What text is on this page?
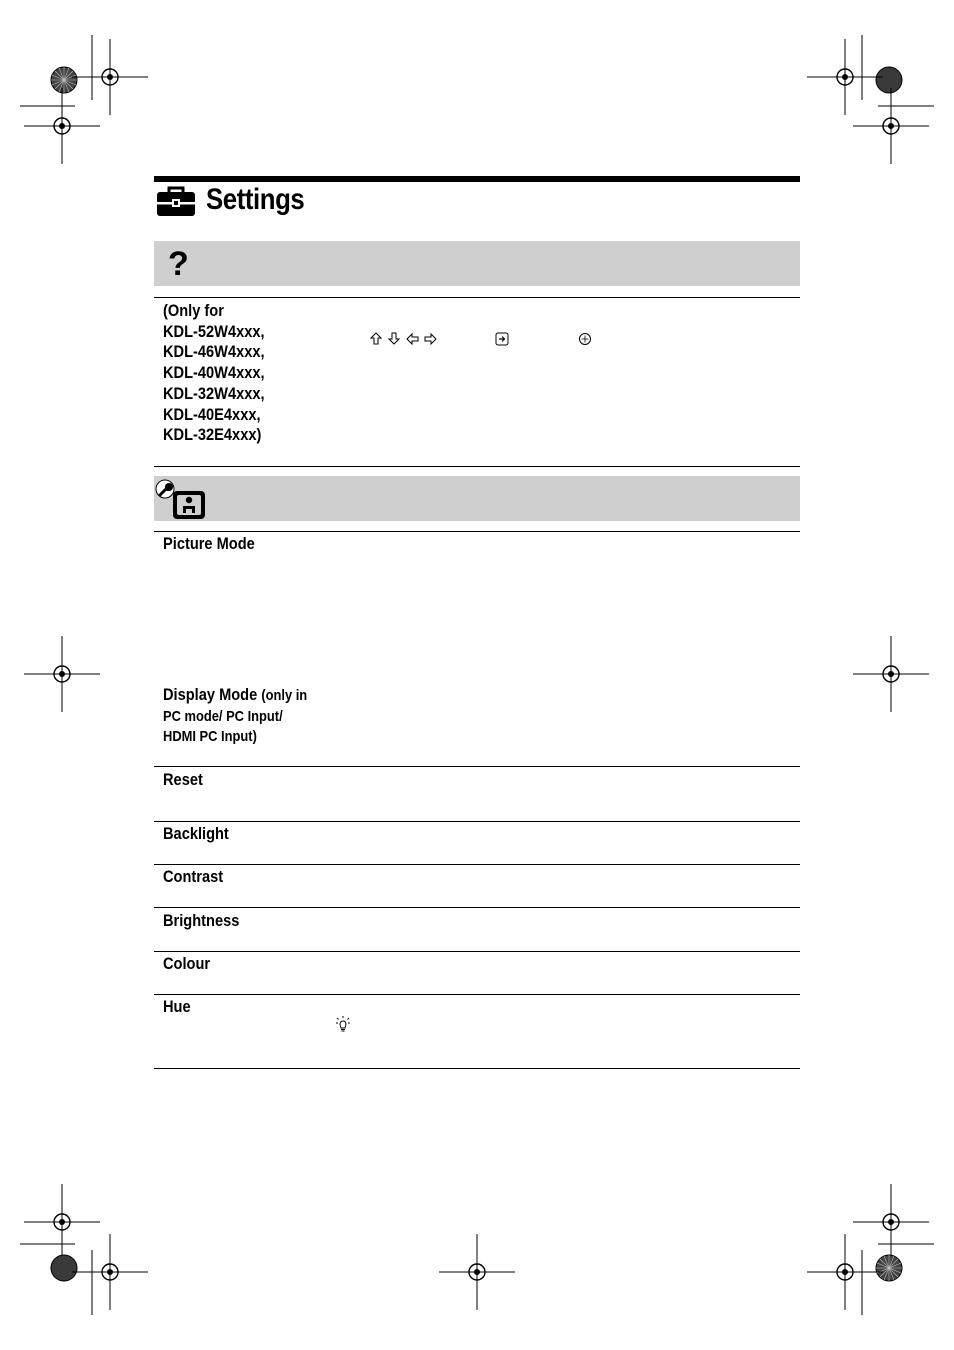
Settings
?
(Only for
KDL-52W4xxx,
KDL-46W4xxx,
KDL-40W4xxx,
KDL-32W4xxx,
KDL-40E4xxx,
KDL-32E4xxx)
Picture Mode
Display Mode (only in
PC mode/ PC Input/
HDMI PC Input)
Reset
Backlight
Contrast
Brightness
Colour
Hue
